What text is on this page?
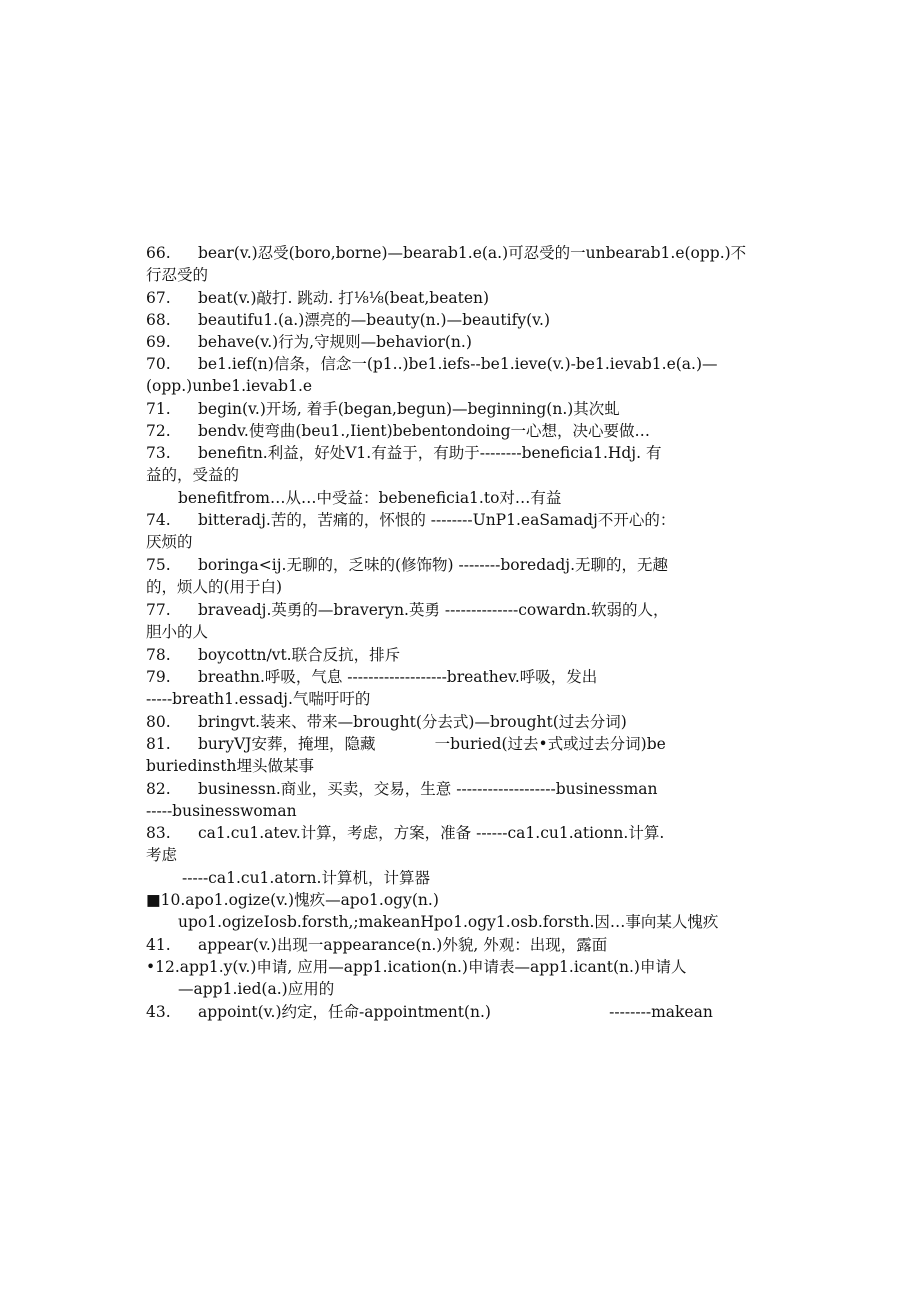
66. bear(v.)忍受(boro,borne)—bearab1.e(a.)可忍受的一unbearab1.e(opp.)不
行忍受的
67. beat(v.)敲打. 跳动. 打⅛⅛(beat,beaten)
68. beautifu1.(a.)漂亮的—beauty(n.)—beautify(v.)
69. behave(v.)行为,守规则—behavior(n.)
70. be1.ief(n)信条，信念一(p1..)be1.iefs--be1.ieve(v.)-be1.ievab1.e(a.)—
(opp.)unbe1.ievab1.e
71. begin(v.)开场, 着手(began,begun)—beginning(n.)其次虬
72. bendv.使弯曲(beu1.,Iient)bebentondoing一心想，决心要做…
73. benefitn.利益，好处V1.有益于，有助于--------beneficia1.Hdj. 有
益的，受益的
benefitfrom…从…中受益：bebeneficia1.to对…有益
74. bitteradj.苦的，苦痛的，怀恨的 --------UnP1.eaSamadj不开心的：
厌烦的
75. boringa<ij.无聊的，乏味的(修饰物) --------boredadj.无聊的，无趣
的，烦人的(用于白)
77. braveadj.英勇的—braveryn.英勇 --------------cowardn.软弱的人，
胆小的人
78. boycottn∕vt.联合反抗，排斥
79. breathn.呼吸，气息 -------------------breathev.呼吸，发出
-----breath1.essadj.气喘吁吁的
80. bringvt.装来、带来—brought(分去式)—brought(过去分词)
81. buryVJ安葬，掩埋，隐藏            一buried(过去•式或过去分词)be
buriedinsth埋头做某事
82. businessn.商业，买卖，交易，生意 -------------------businessman
-----businesswoman
83. ca1.cu1.atev.计算，考虑，方案，准备 ------ca1.cu1.ationn.计算.
考虑
-----ca1.cu1.atorn.计算机，计算器
■10.apo1.ogize(v.)愧疚—apo1.ogy(n.)
upo1.ogizeIosb.forsth,;makeanHpo1.ogy1.osb.forsth.因…事向某人愧疚
41. appear(v.)出现一appearance(n.)外貌, 外观：出现，露面
•12.app1.y(v.)申请, 应用—app1.ication(n.)申请表—app1.icant(n.)申请人
—app1.ied(a.)应用的
43. appoint(v.)约定，任命-appointment(n.)                        --------makean
